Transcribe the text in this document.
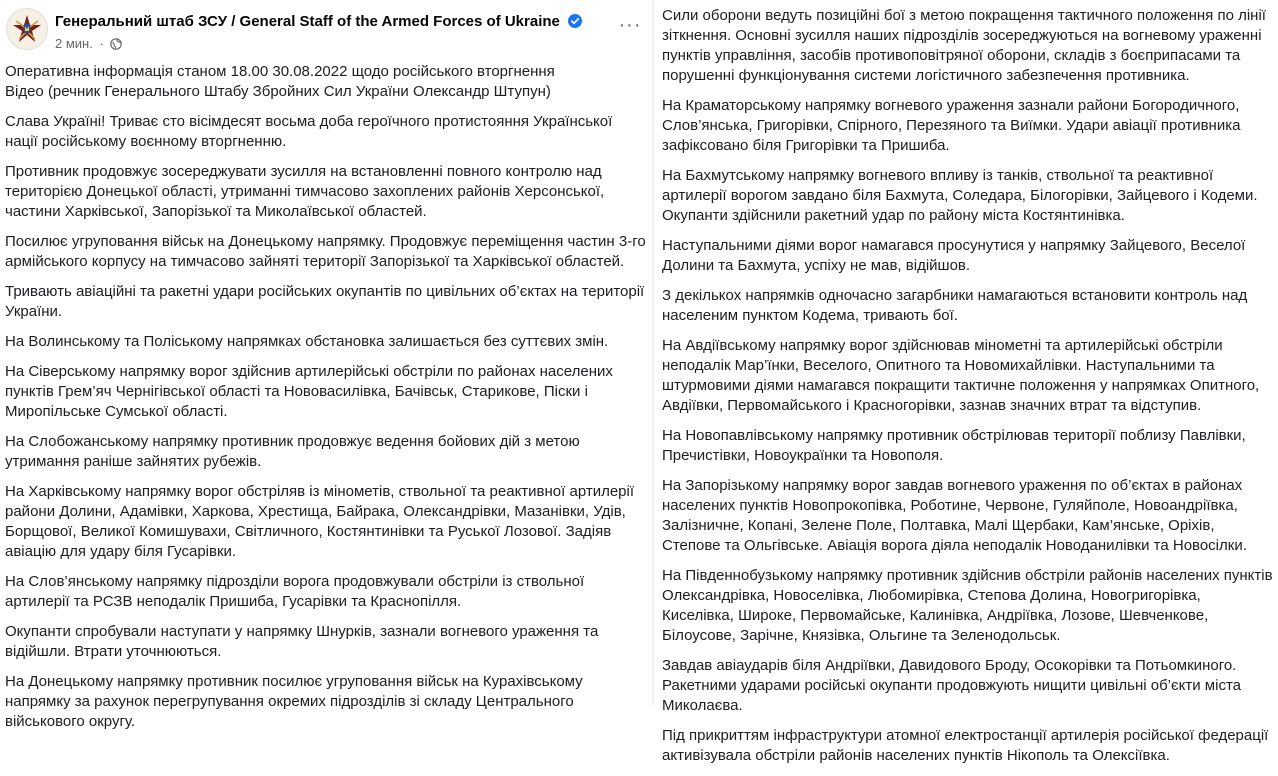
Генеральний штаб ЗСУ / General Staff of the Armed Forces of Ukraine
2 мин. ·
···
Оперативна інформація станом 18.00 30.08.2022 щодо російського вторгнення
Відео (речник Генерального Штабу Збройних Сил України Олександр Штупун)

Слава Україні! Триває сто вісімдесят восьма доба героїчного протистояння Української нації російському воєнному вторгненню.

Противник продовжує зосереджувати зусилля на встановленні повного контролю над територією Донецької області, утриманні тимчасово захоплених районів Херсонської, частини Харківської, Запорізької та Миколаївської областей.

Посилює угруповання військ на Донецькому напрямку. Продовжує переміщення частин 3-го армійського корпусу на тимчасово зайняті території Запорізької та Харківської областей.

Тривають авіаційні та ракетні удари російських окупантів по цивільних об’єктах на території України.

На Волинському та Поліському напрямках обстановка залишається без суттєвих змін.

На Сіверському напрямку ворог здійснив артилерійські обстріли по районах населених пунктів Грем’яч Чернігівської області та Нововасилівка, Бачівськ, Старикове, Піски і Миропільське Сумської області.

На Слобожанському напрямку противник продовжує ведення бойових дій з метою утримання раніше зайнятих рубежів.

На Харківському напрямку ворог обстріляв із мінометів, ствольної та реактивної артилерії райони Долини, Адамівки, Харкова, Хрестища, Байрака, Олександрівки, Мазанівки, Удів, Борщової, Великої Комишувахи, Світличного, Костянтинівки та Руської Лозової. Задіяв авіацію для удару біля Гусарівки.

На Слов’янському напрямку підрозділи ворога продовжували обстріли із ствольної артилерії та РСЗВ неподалік Пришиба, Гусарівки та Краснопілля.

Окупанти спробували наступати у напрямку Шнурків, зазнали вогневого ураження та відійшли. Втрати уточнюються.

На Донецькому напрямку противник посилює угруповання військ на Курахівському напрямку за рахунок перегрупування окремих підрозділів зі складу Центрального військового округу.

Сили оборони ведуть позиційні бої з метою покращення тактичного положення по лінії зіткнення. Основні зусилля наших підрозділів зосереджуються на вогневому ураженні пунктів управління, засобів противоповітряної оборони, складів з боєприпасами та порушенні функціонування системи логістичного забезпечення противника.

На Краматорському напрямку вогневого ураження зазнали райони Богородичного, Слов’янська, Григорівки, Спірного, Перезяного та Виїмки. Удари авіації противника зафіксовано біля Григорівки та Пришиба.

На Бахмутському напрямку вогневого впливу із танків, ствольної та реактивної артилерії ворогом завдано біля Бахмута, Соледара, Білогорівки, Зайцевого і Кодеми. Окупанти здійснили ракетний удар по району міста Костянтинівка.

Наступальними діями ворог намагався просунутися у напрямку Зайцевого, Веселої Долини та Бахмута, успіху не мав, відійшов.

З декількох напрямків одночасно загарбники намагаються встановити контроль над населеним пунктом Кодема, тривають бої.

На Авдіївському напрямку ворог здійснював мінометні та артилерійські обстріли неподалік Мар’їнки, Веселого, Опитного та Новомихайлівки. Наступальними та штурмовими діями намагався покращити тактичне положення у напрямках Опитного, Авдіївки, Первомайського і Красногорівки, зазнав значних втрат та відступив.

На Новопавлівському напрямку противник обстрілював території поблизу Павлівки, Пречистівки, Новоукраїнки та Новополя.

На Запорізькому напрямку ворог завдав вогневого ураження по об’єктах в районах населених пунктів Новопрокопівка, Роботине, Червоне, Гуляйполе, Новоандріївка, Залізничне, Копані, Зелене Поле, Полтавка, Малі Щербаки, Кам’янське, Оріхів, Степове та Ольгівське. Авіація ворога діяла неподалік Новоданилівки та Новосілки.

На Південнобузькому напрямку противник здійснив обстріли районів населених пунктів Олександрівка, Новоселівка, Любомирівка, Степова Долина, Новогригорівка, Киселівка, Широке, Первомайське, Калинівка, Андріївка, Лозове, Шевченкове, Білоусове, Зарічне, Князівка, Ольгине та Зеленодольськ.

Завдав авіаударів біля Андріївки, Давидового Броду, Осокорівки та Потьомкиного. Ракетними ударами російські окупанти продовжують нищити цивільні об’єкти міста Миколаєва.

Під прикриттям інфраструктури атомної електростанції артилерія російської федерації активізувала обстріли районів населених пунктів Нікополь та Олексіївка.
